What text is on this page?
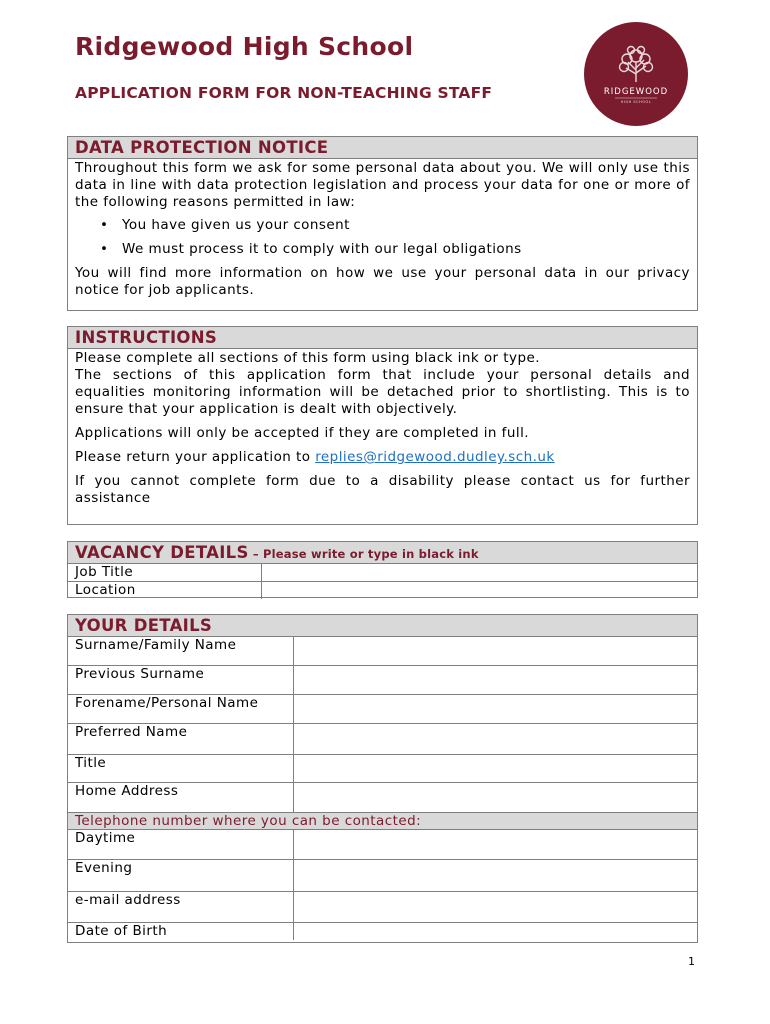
Ridgewood High School
APPLICATION FORM FOR NON-TEACHING STAFF	RIDGEWOOD
HIGH SCHOOL
DATA PROTECTION NOTICE

Throughout this form we ask for some personal data about you. We will only use this data in line with data protection legislation and process your data for one or more of the following reasons permitted in law:

• You have given us your consent
• We must process it to comply with our legal obligations

You will find more information on how we use your personal data in our privacy notice for job applicants.

INSTRUCTIONS

Please complete all sections of this form using black ink or type.

The sections of this application form that include your personal details and equalities monitoring information will be detached prior to shortlisting. This is to ensure that your application is dealt with objectively.

Applications will only be accepted if they are completed in full.

Please return your application to replies@ridgewood.dudley.sch.uk

If you cannot complete form due to a disability please contact us for further assistance

VACANCY DETAILS – Please write or type in black ink
Job Title	
Location	
YOUR DETAILS
Surname/Family Name	
Previous Surname	
Forename/Personal Name	
Preferred Name	
Title	
Home Address	
Telephone number where you can be contacted:
Daytime	
Evening	
e-mail address	
Date of Birth	
1
